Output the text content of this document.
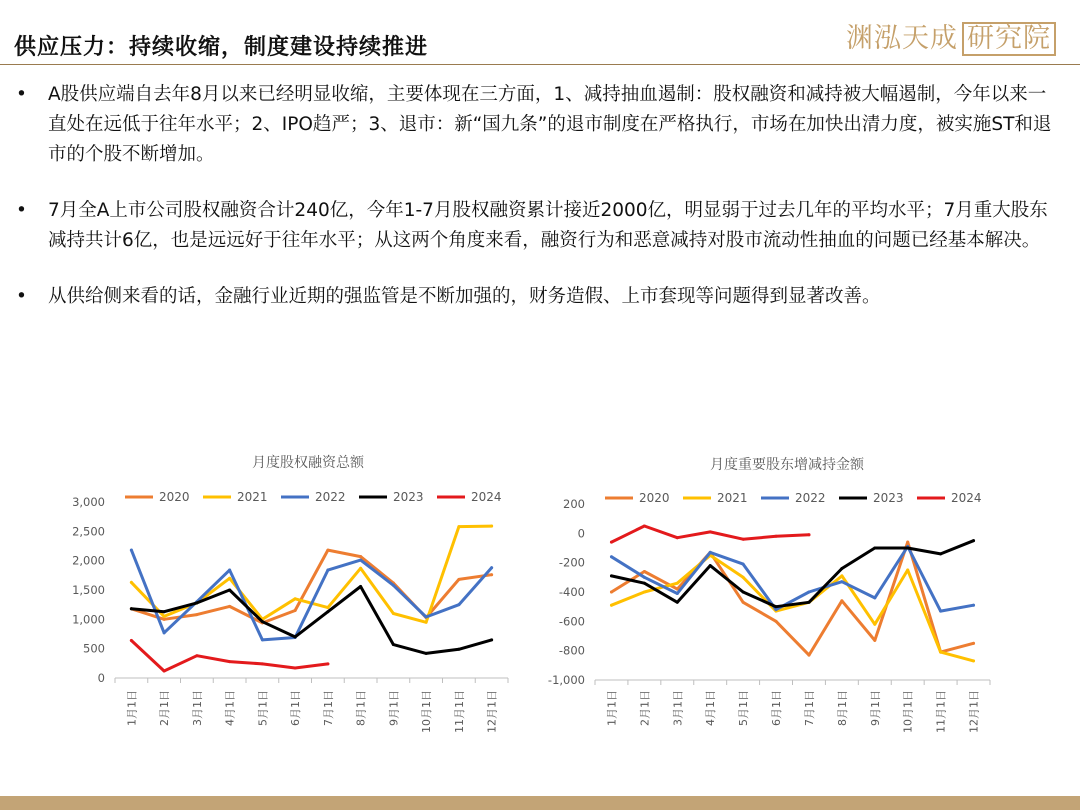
供应压力：持续收缩，制度建设持续推进	渊泓天成 研究院
• A股供应端自去年8月以来已经明显收缩，主要体现在三方面，1、减持抽血遏制：股权融资和减持被大幅遏制，今年以来一直处在远低于往年水平；2、IPO趋严；3、退市：新“国九条”的退市制度在严格执行，市场在加快出清力度，被实施ST和退市的个股不断增加。
• 7月全A上市公司股权融资合计240亿，今年1-7月股权融资累计接近2000亿，明显弱于过去几年的平均水平；7月重大股东减持共计6亿，也是远远好于往年水平；从这两个角度来看，融资行为和恶意减持对股市流动性抽血的问题已经基本解决。
• 从供给侧来看的话，金融行业近期的强监管是不断加强的，财务造假、上市套现等问题得到显著改善。
月度股权融资总额
2020	2021	2022	2023	2024
0
500
1,000
1,500
2,000
2,500
3,000
1月1日 2月1日 3月1日 4月1日 5月1日 6月1日 7月1日 8月1日 9月1日 10月1日 11月1日 12月1日
月度重要股东增减持金额
2020	2021	2022	2023	2024
-1,000
-800
-600
-400
-200
0
200
1月1日 2月1日 3月1日 4月1日 5月1日 6月1日 7月1日 8月1日 9月1日 10月1日 11月1日 12月1日
